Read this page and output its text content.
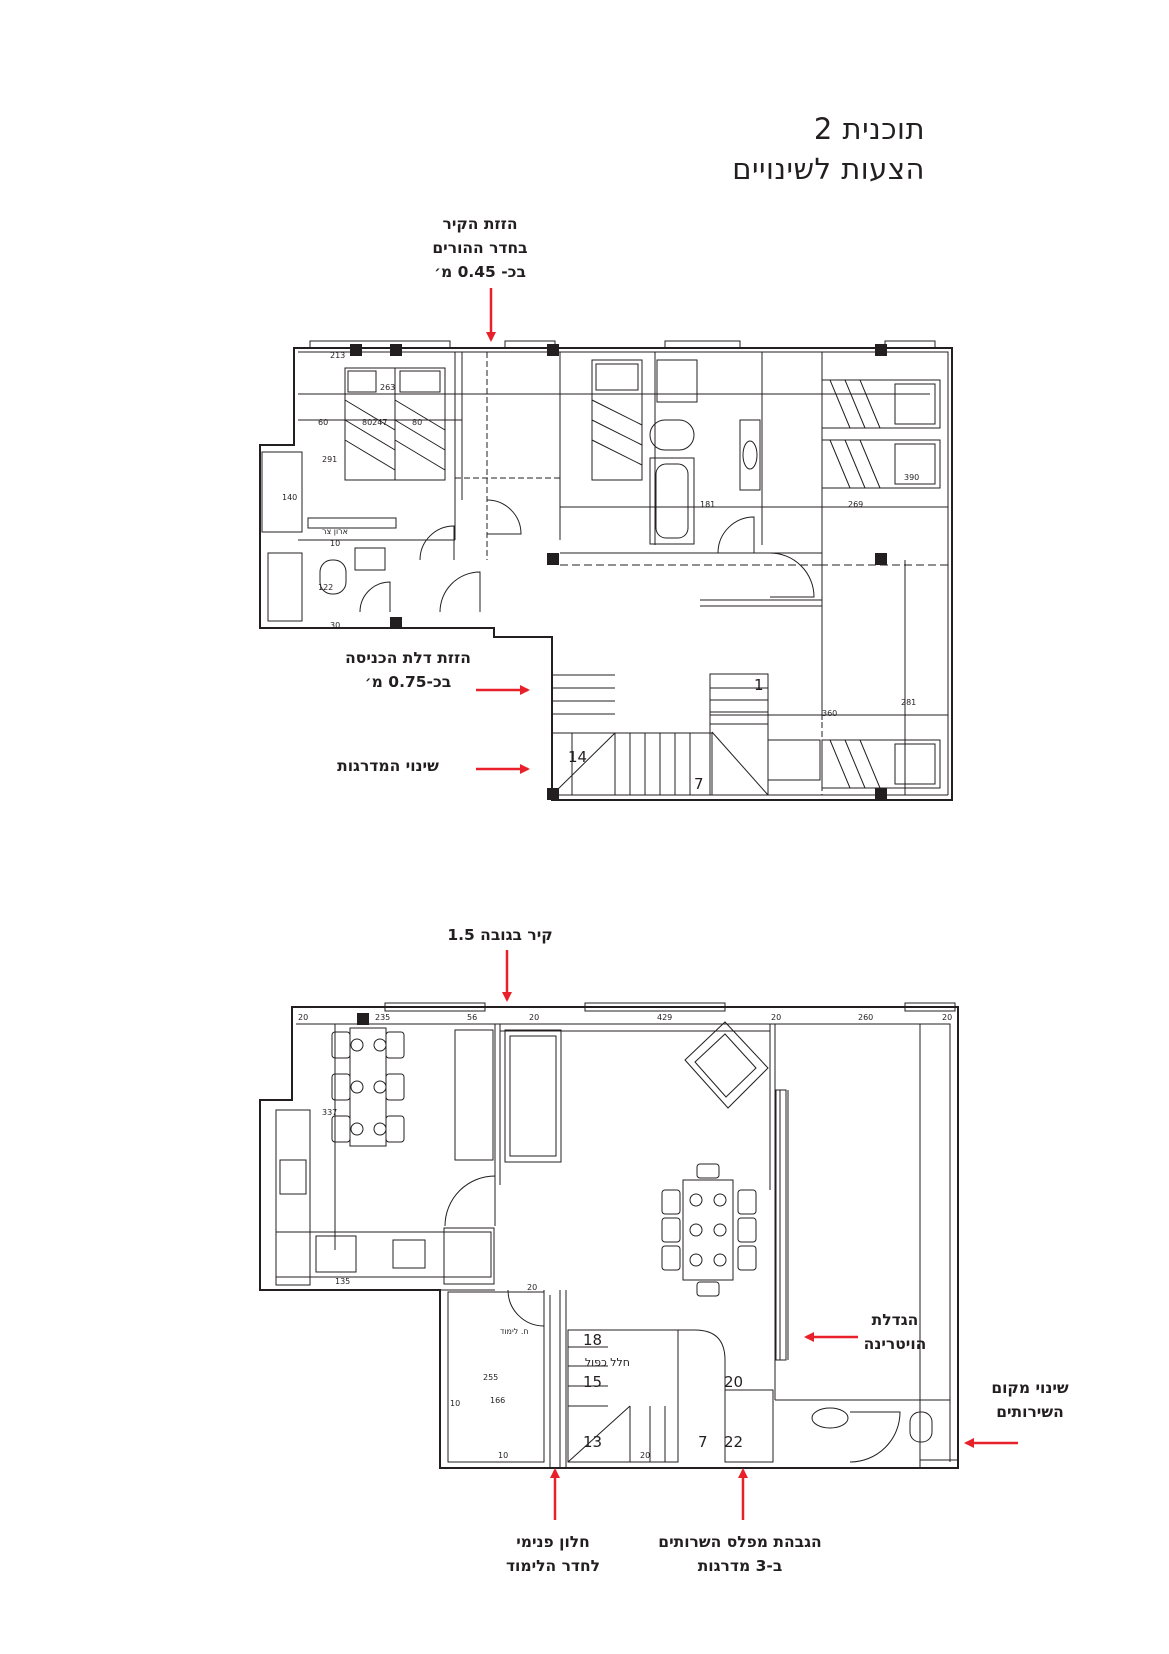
תוכנית 2
הצעות לשינויים
הזזת הקיר
בחדר ההורים
בכ- 0.45 מ׳
הזזת דלת הכניסה
בכ-0.75 מ׳
שינוי המדרגות
קיר בגובה 1.5
הגדלת
הויטרינה
שינוי מקום
השירותים
חלון פנימי
לחדר הלימוד
הגבהת מפלס השרותים
ב-3 מדרגות
263
60	80247	80
291
140
10
122
30
181	269
390
281
360
213
ארון צר
1
14
7
20	235	56	20	429	20	260	20
337
135
20
255
166
10
10	20
18
15
13	7
20
22
חלל כפול
ח. לימוד
